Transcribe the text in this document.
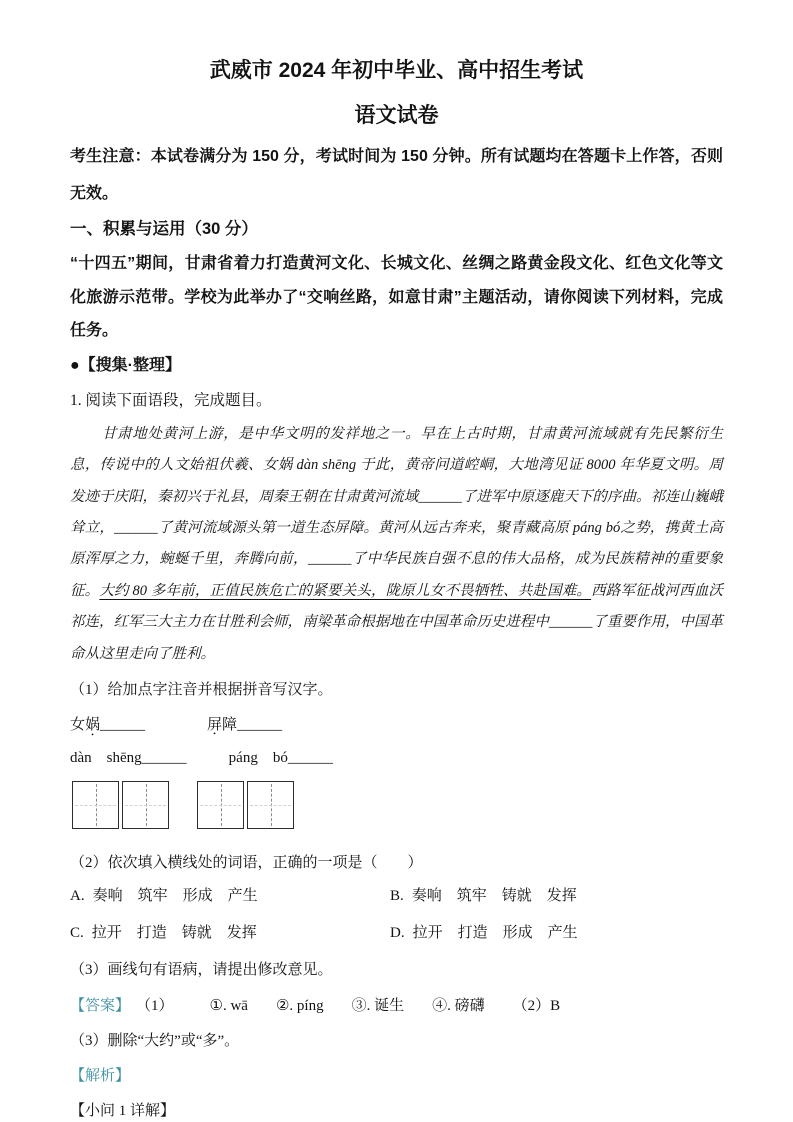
武威市 2024 年初中毕业、高中招生考试
语文试卷

考生注意：本试卷满分为 150 分，考试时间为 150 分钟。所有试题均在答题卡上作答，否则无效。

一、积累与运用（30 分）

“十四五”期间，甘肃省着力打造黄河文化、长城文化、丝绸之路黄金段文化、红色文化等文化旅游示范带。学校为此举办了“交响丝路，如意甘肃”主题活动，请你阅读下列材料，完成任务。

●【搜集·整理】

1. 阅读下面语段，完成题目。

甘肃地处黄河上游，是中华文明的发祥地之一。早在上古时期，甘肃黄河流域就有先民繁衍生息，传说中的人文始祖伏羲、女娲 dàn shēng 于此，黄帝问道崆峒，大地湾见证 8000 年华夏文明。周发迹于庆阳，秦初兴于礼县，周秦王朝在甘肃黄河流域______了进军中原逐鹿天下的序曲。祁连山巍峨耸立，______了黄河流域源头第一道生态屏障。黄河从远古奔来，聚青藏高原 páng bó之势，携黄土高原浑厚之力，蜿蜒千里，奔腾向前，______了中华民族自强不息的伟大品格，成为民族精神的重要象征。大约 80 多年前，正值民族危亡的紧要关头，陇原儿女不畏牺牲、共赴国难。西路军征战河西血沃祁连，红军三大主力在甘胜利会师，南梁革命根据地在中国革命历史进程中______了重要作用，中国革命从这里走向了胜利。

（1）给加点字注音并根据拼音写汉字。

女 娲 • ______	屏障______
dàn　shēng ______	páng　bó______

（2）依次填入横线处的词语，正确的一项是（　　）

A. 奏响　筑牢　形成　产生	B. 奏响　筑牢　铸就　发挥
C. 拉开　打造　铸就　发挥	D. 拉开　打造　形成　产生

（3）画线句有语病，请提出修改意见。

【答案】 （1） ①. wā ②. píng ③. 诞生 ④. 磅礴 （2）B

（3）删除“大约”或“多”。

【解析】

【小问 1 详解】
